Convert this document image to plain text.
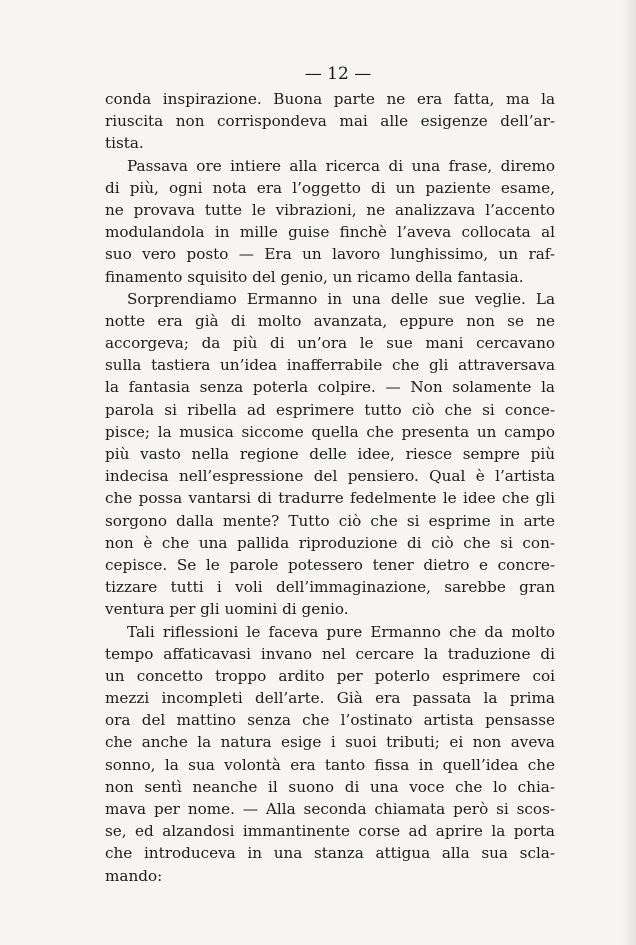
— 12 —

conda inspirazione. Buona parte ne era fatta, ma la
riuscita non corrispondeva mai alle esigenze dell’ar-
tista.

Passava ore intiere alla ricerca di una frase, diremo
di più, ogni nota era l’oggetto di un paziente esame,
ne provava tutte le vibrazioni, ne analizzava l’accento
modulandola in mille guise finchè l’aveva collocata al
suo vero posto — Era un lavoro lunghissimo, un raf-
finamento squisito del genio, un ricamo della fantasia.

Sorprendiamo Ermanno in una delle sue veglie. La
notte era già di molto avanzata, eppure non se ne
accorgeva; da più di un’ora le sue mani cercavano
sulla tastiera un’idea inafferrabile che gli attraversava
la fantasia senza poterla colpire. — Non solamente la
parola si ribella ad esprimere tutto ciò che si conce-
pisce; la musica siccome quella che presenta un campo
più vasto nella regione delle idee, riesce sempre più
indecisa nell’espressione del pensiero. Qual è l’artista
che possa vantarsi di tradurre fedelmente le idee che gli
sorgono dalla mente? Tutto ciò che si esprime in arte
non è che una pallida riproduzione di ciò che si con-
cepisce. Se le parole potessero tener dietro e concre-
tizzare tutti i voli dell’immaginazione, sarebbe gran
ventura per gli uomini di genio.

Tali riflessioni le faceva pure Ermanno che da molto
tempo affaticavasi invano nel cercare la traduzione di
un concetto troppo ardito per poterlo esprimere coi
mezzi incompleti dell’arte. Già era passata la prima
ora del mattino senza che l’ostinato artista pensasse
che anche la natura esige i suoi tributi; ei non aveva
sonno, la sua volontà era tanto fissa in quell’idea che
non sentì neanche il suono di una voce che lo chia-
mava per nome. — Alla seconda chiamata però si scos-
se, ed alzandosi immantinente corse ad aprire la porta
che introduceva in una stanza attigua alla sua scla-
mando:
